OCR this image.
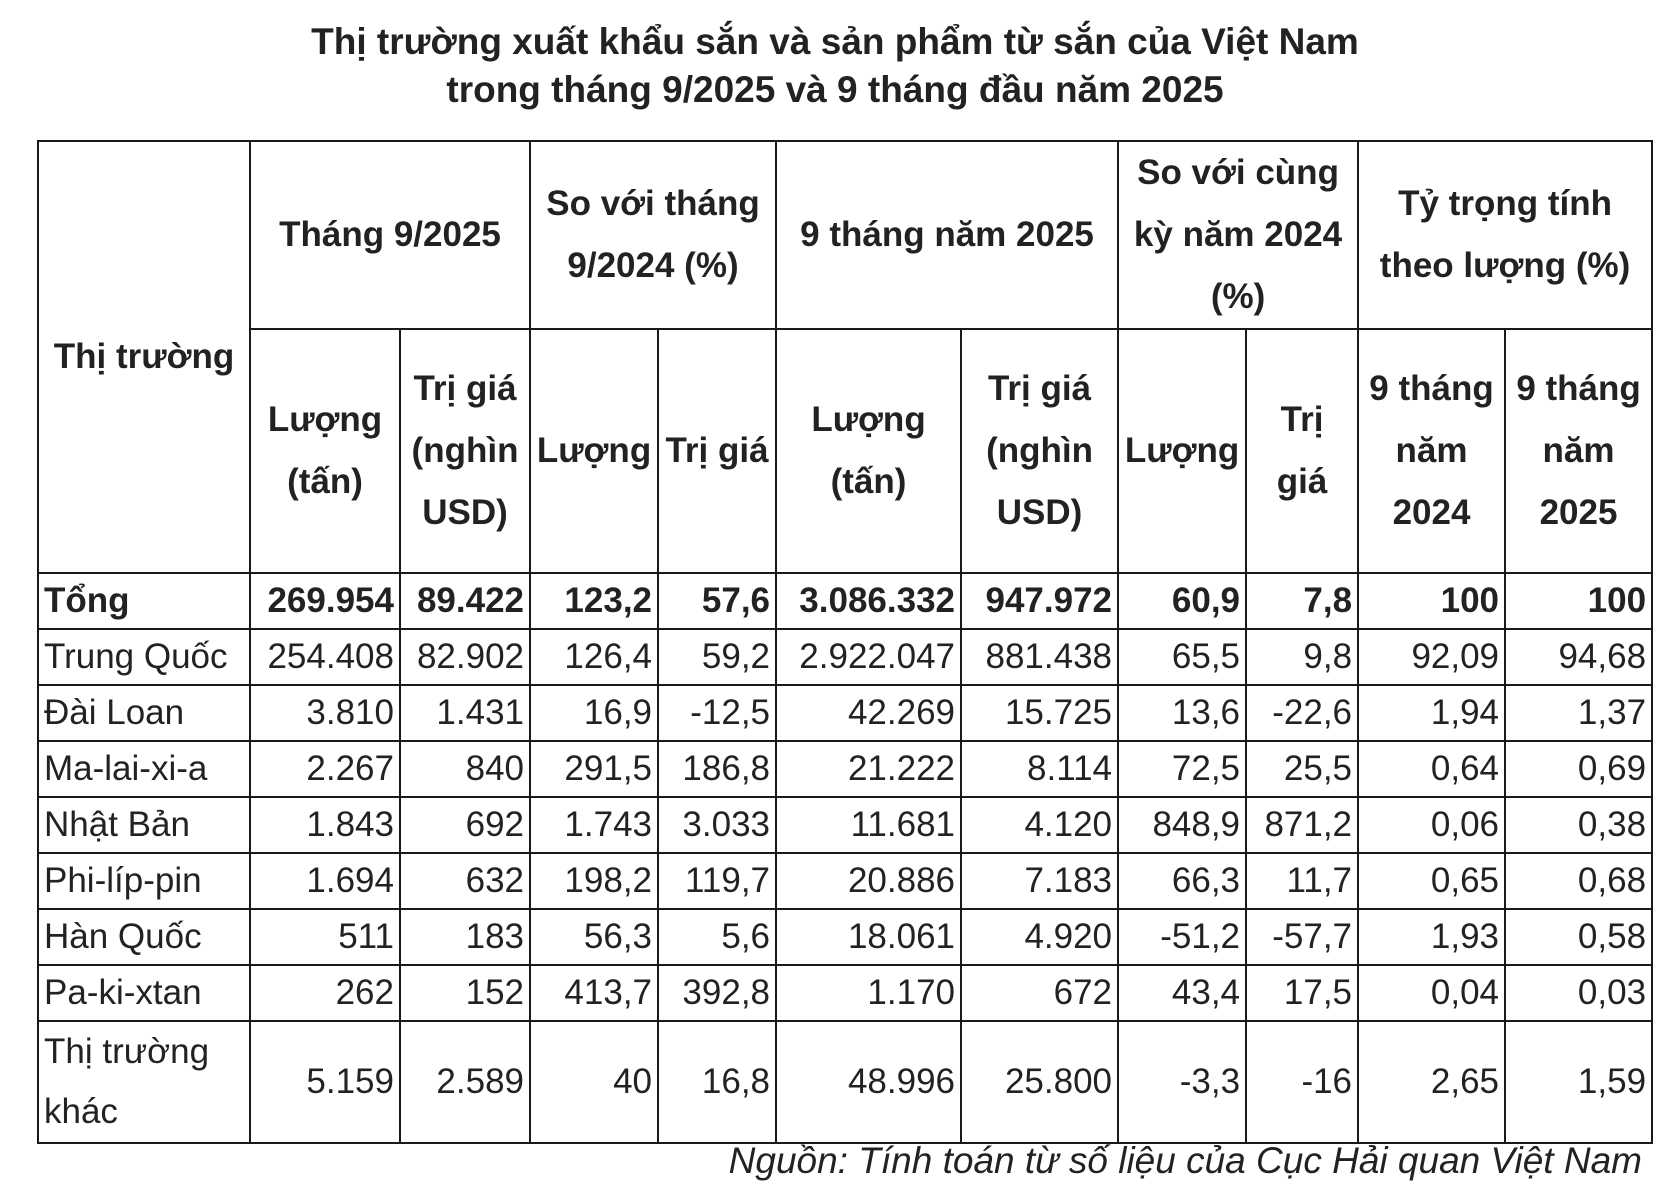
Thị trường xuất khẩu sắn và sản phẩm từ sắn của Việt Nam
trong tháng 9/2025 và 9 tháng đầu năm 2025
Thị trường	Tháng 9/2025		So với tháng 9/2024 (%)		9 tháng năm 2025		So với cùng kỳ năm 2024 (%)		Tỷ trọng tính theo lượng (%)	
	Lượng (tấn)	Trị giá (nghìn USD)	Lượng	Trị giá	Lượng (tấn)	Trị giá (nghìn USD)	Lượng	Trị giá	9 tháng năm 2024	9 tháng năm 2025
Tổng	269.954	89.422	123,2	57,6	3.086.332	947.972	60,9	7,8	100	100
Trung Quốc	254.408	82.902	126,4	59,2	2.922.047	881.438	65,5	9,8	92,09	94,68
Đài Loan	3.810	1.431	16,9	-12,5	42.269	15.725	13,6	-22,6	1,94	1,37
Ma-lai-xi-a	2.267	840	291,5	186,8	21.222	8.114	72,5	25,5	0,64	0,69
Nhật Bản	1.843	692	1.743	3.033	11.681	4.120	848,9	871,2	0,06	0,38
Phi-líp-pin	1.694	632	198,2	119,7	20.886	7.183	66,3	11,7	0,65	0,68
Hàn Quốc	511	183	56,3	5,6	18.061	4.920	-51,2	-57,7	1,93	0,58
Pa-ki-xtan	262	152	413,7	392,8	1.170	672	43,4	17,5	0,04	0,03
Thị trường khác	5.159	2.589	40	16,8	48.996	25.800	-3,3	-16	2,65	1,59
Nguồn: Tính toán từ số liệu của Cục Hải quan Việt Nam
